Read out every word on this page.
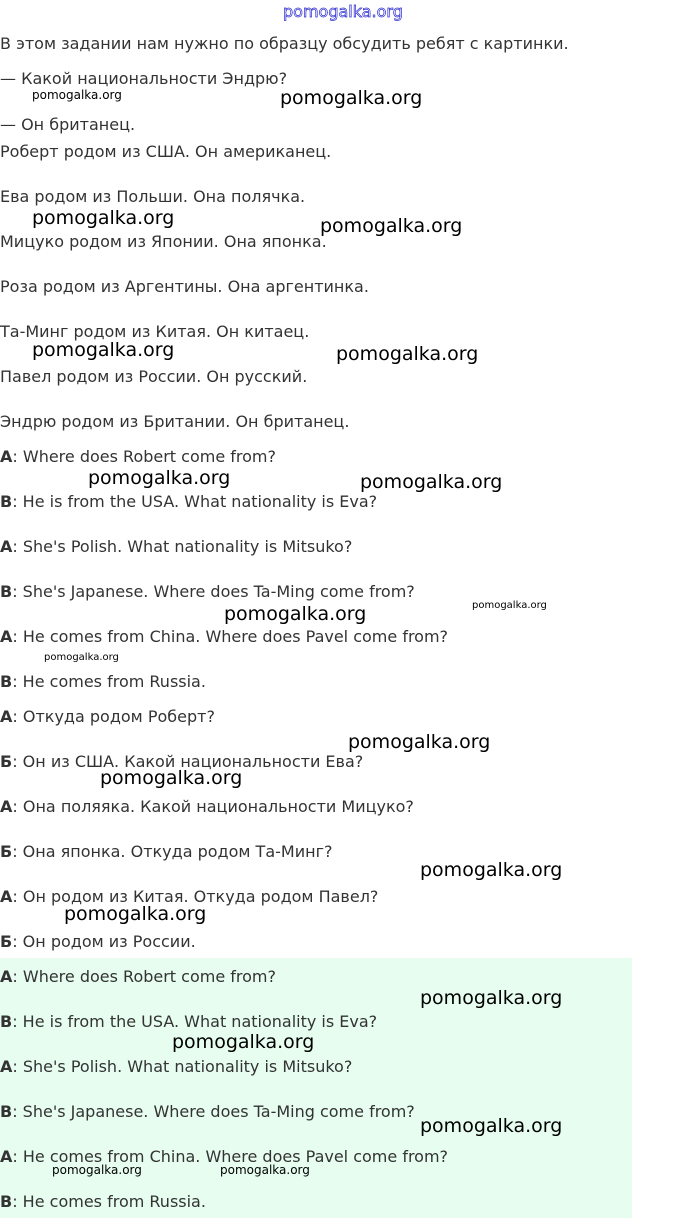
pomogalka.org
В этом задании нам нужно по образцу обсудить ребят с картинки.
— Какой национальности Эндрю?
— Он британец.
Роберт родом из США. Он американец.
Ева родом из Польши. Она полячка.
Мицуко родом из Японии. Она японка.
Роза родом из Аргентины. Она аргентинка.
Та-Минг родом из Китая. Он китаец.
Павел родом из России. Он русский.
Эндрю родом из Британии. Он британец.
A: Where does Robert come from?
B: He is from the USA. What nationality is Eva?
A: She's Polish. What nationality is Mitsuko?
B: She's Japanese. Where does Ta-Ming come from?
A: He comes from China. Where does Pavel come from?
B: He comes from Russia.
А: Откуда родом Роберт?
Б: Он из США. Какой национальности Ева?
А: Она поляяка. Какой национальности Мицуко?
Б: Она японка. Откуда родом Та-Минг?
А: Он родом из Китая. Откуда родом Павел?
Б: Он родом из России.
A: Where does Robert come from?
B: He is from the USA. What nationality is Eva?
A: She's Polish. What nationality is Mitsuko?
B: She's Japanese. Where does Ta-Ming come from?
A: He comes from China. Where does Pavel come from?
B: He comes from Russia.
pomogalka.org	pomogalka.org
pomogalka.org	pomogalka.org
pomogalka.org	pomogalka.org
pomogalka.org	pomogalka.org
pomogalka.org	pomogalka.org
pomogalka.org
pomogalka.org
pomogalka.org
pomogalka.org
pomogalka.org
pomogalka.org
pomogalka.org
pomogalka.org
pomogalka.org	pomogalka.org
